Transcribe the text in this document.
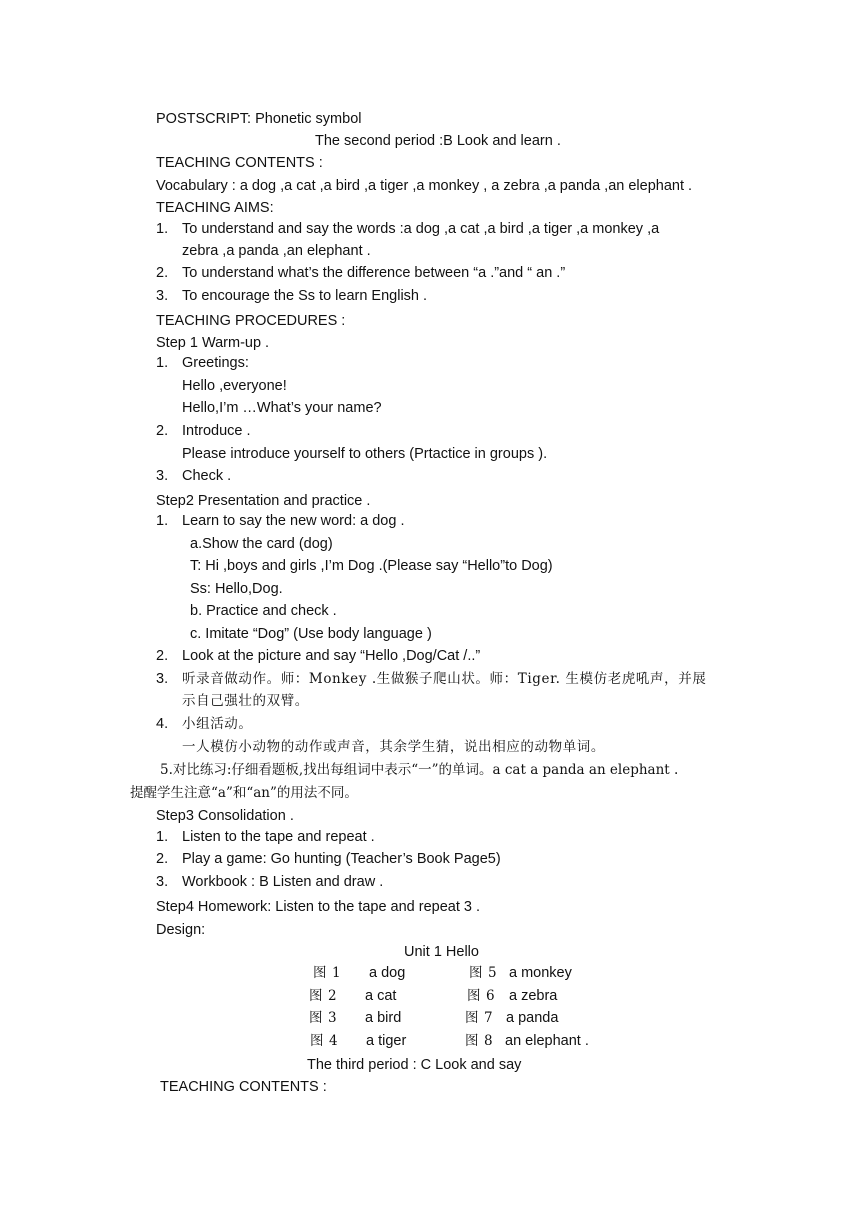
POSTSCRIPT: Phonetic symbol
The second period :B Look and learn .
TEACHING CONTENTS :
Vocabulary : a dog ,a cat ,a bird ,a tiger ,a monkey , a zebra ,a panda ,an elephant .
TEACHING AIMS:
1. To understand and say the words :a dog ,a cat ,a bird ,a tiger ,a monkey ,a
zebra ,a panda ,an elephant .
2. To understand what’s the difference between “a .”and “ an .”
3. To encourage the Ss to learn English .
TEACHING PROCEDURES :
Step 1 Warm-up .
1. Greetings:
Hello ,everyone!
Hello,I’m …What’s your name?
2. Introduce .
Please introduce yourself to others (Prtactice in groups ).
3. Check .
Step2 Presentation and practice .
1. Learn to say the new word: a dog .
a.Show the card (dog)
T: Hi ,boys and girls ,I’m Dog .(Please say “Hello”to Dog)
Ss: Hello,Dog.
b. Practice and check .
c. Imitate “Dog” (Use body language )
2. Look at the picture and say “Hello ,Dog/Cat /..”
3. 听录音做动作。师：Monkey .生做猴子爬山状。师：Tiger. 生模仿老虎吼声，并展
示自己强壮的双臂。
4. 小组活动。
一人模仿小动物的动作或声音，其余学生猜，说出相应的动物单词。
5.对比练习:仔细看题板,找出每组词中表示“一”的单词。a cat a panda an elephant .
提醒学生注意“a”和“an”的用法不同。
Step3 Consolidation .
1. Listen to the tape and repeat .
2. Play a game: Go hunting (Teacher’s Book Page5)
3. Workbook : B Listen and draw .
Step4 Homework: Listen to the tape and repeat 3 .
Design:
Unit 1 Hello
图 1 a dog	图 5 a monkey
图 2 a cat	图 6 a zebra
图 3 a bird	图 7 a panda
图 4 a tiger	图 8 an elephant .
The third period : C Look and say
TEACHING CONTENTS :
